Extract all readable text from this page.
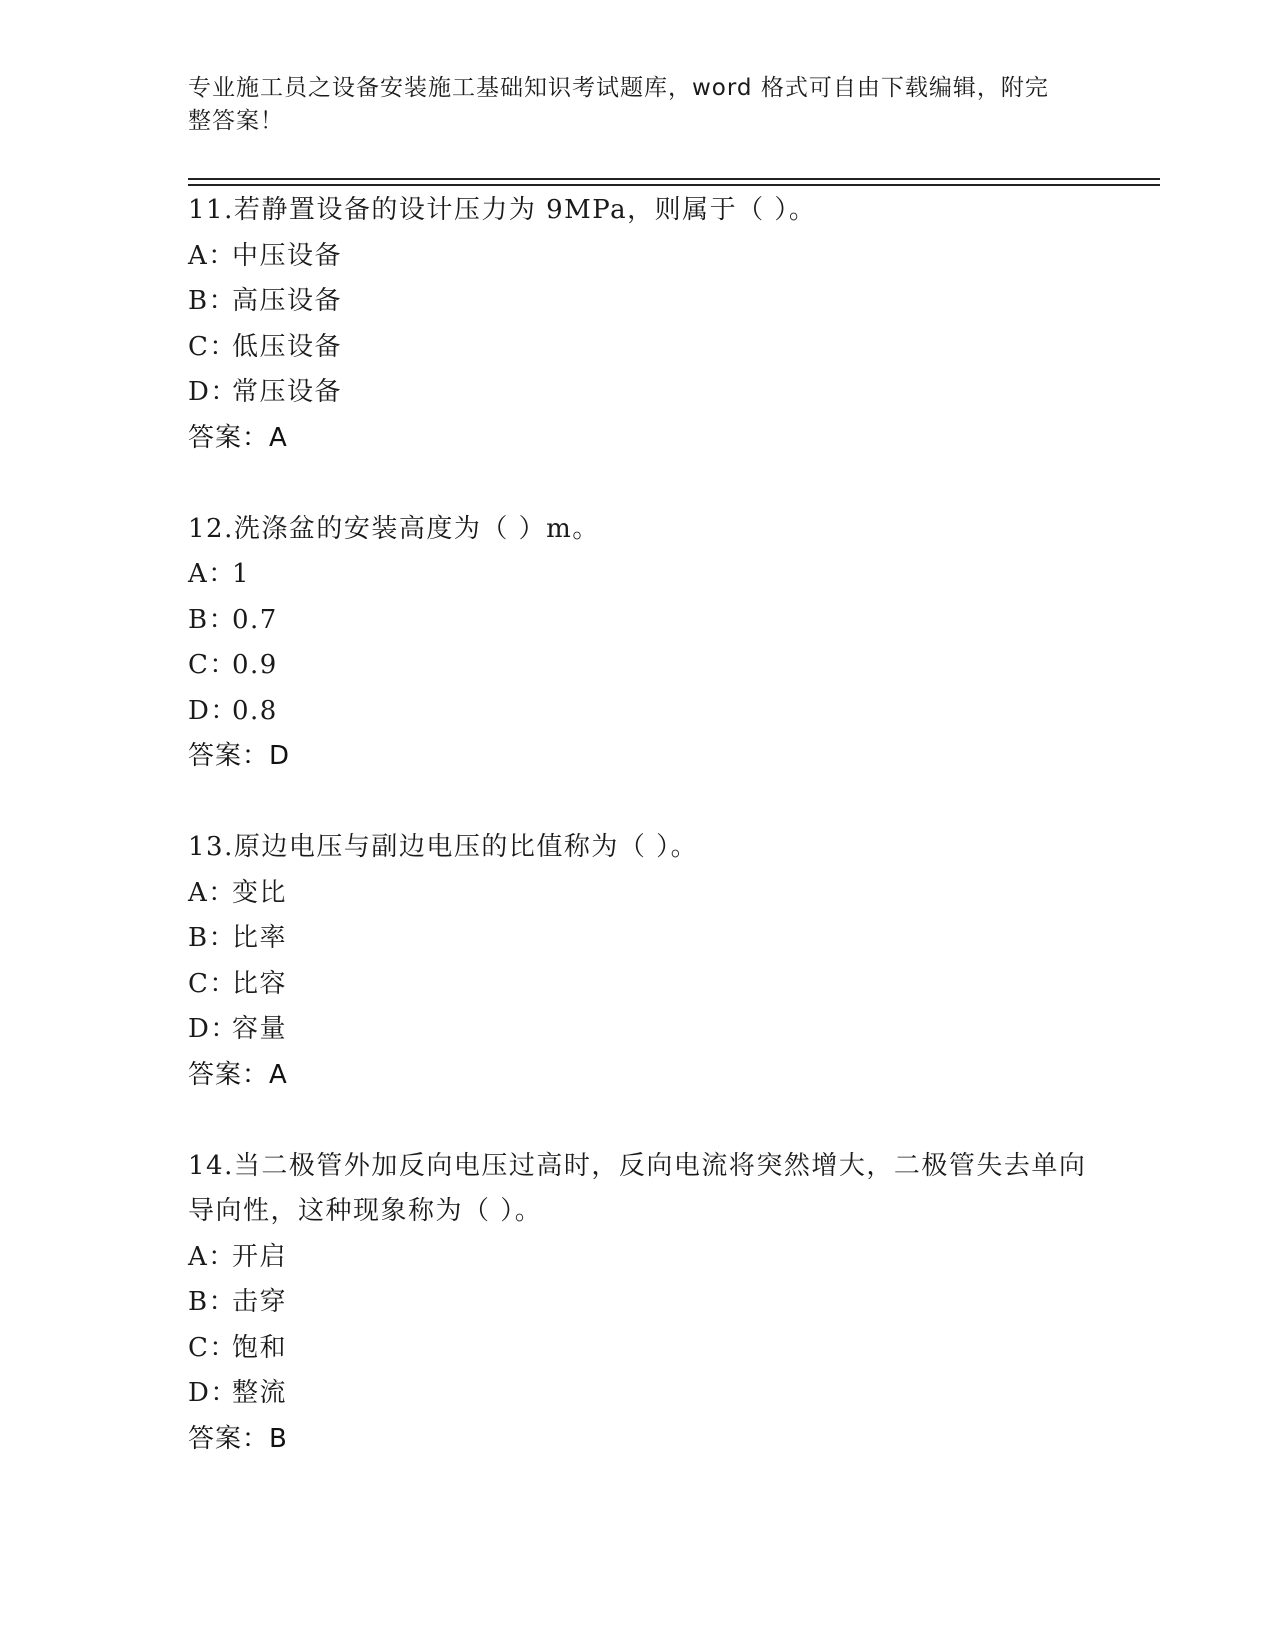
专业施工员之设备安装施工基础知识考试题库，word 格式可自由下载编辑，附完整答案！

11.若静置设备的设计压力为 9MPa，则属于（ ）。

A：中压设备

B：高压设备

C：低压设备

D：常压设备

答案：A

12.洗涤盆的安装高度为（ ）m。

A：1

B：0.7

C：0.9

D：0.8

答案：D

13.原边电压与副边电压的比值称为（ ）。

A：变比

B：比率

C：比容

D：容量

答案：A

14.当二极管外加反向电压过高时，反向电流将突然增大，二极管失去单向导向性，这种现象称为（ ）。

A：开启

B：击穿

C：饱和

D：整流

答案：B
